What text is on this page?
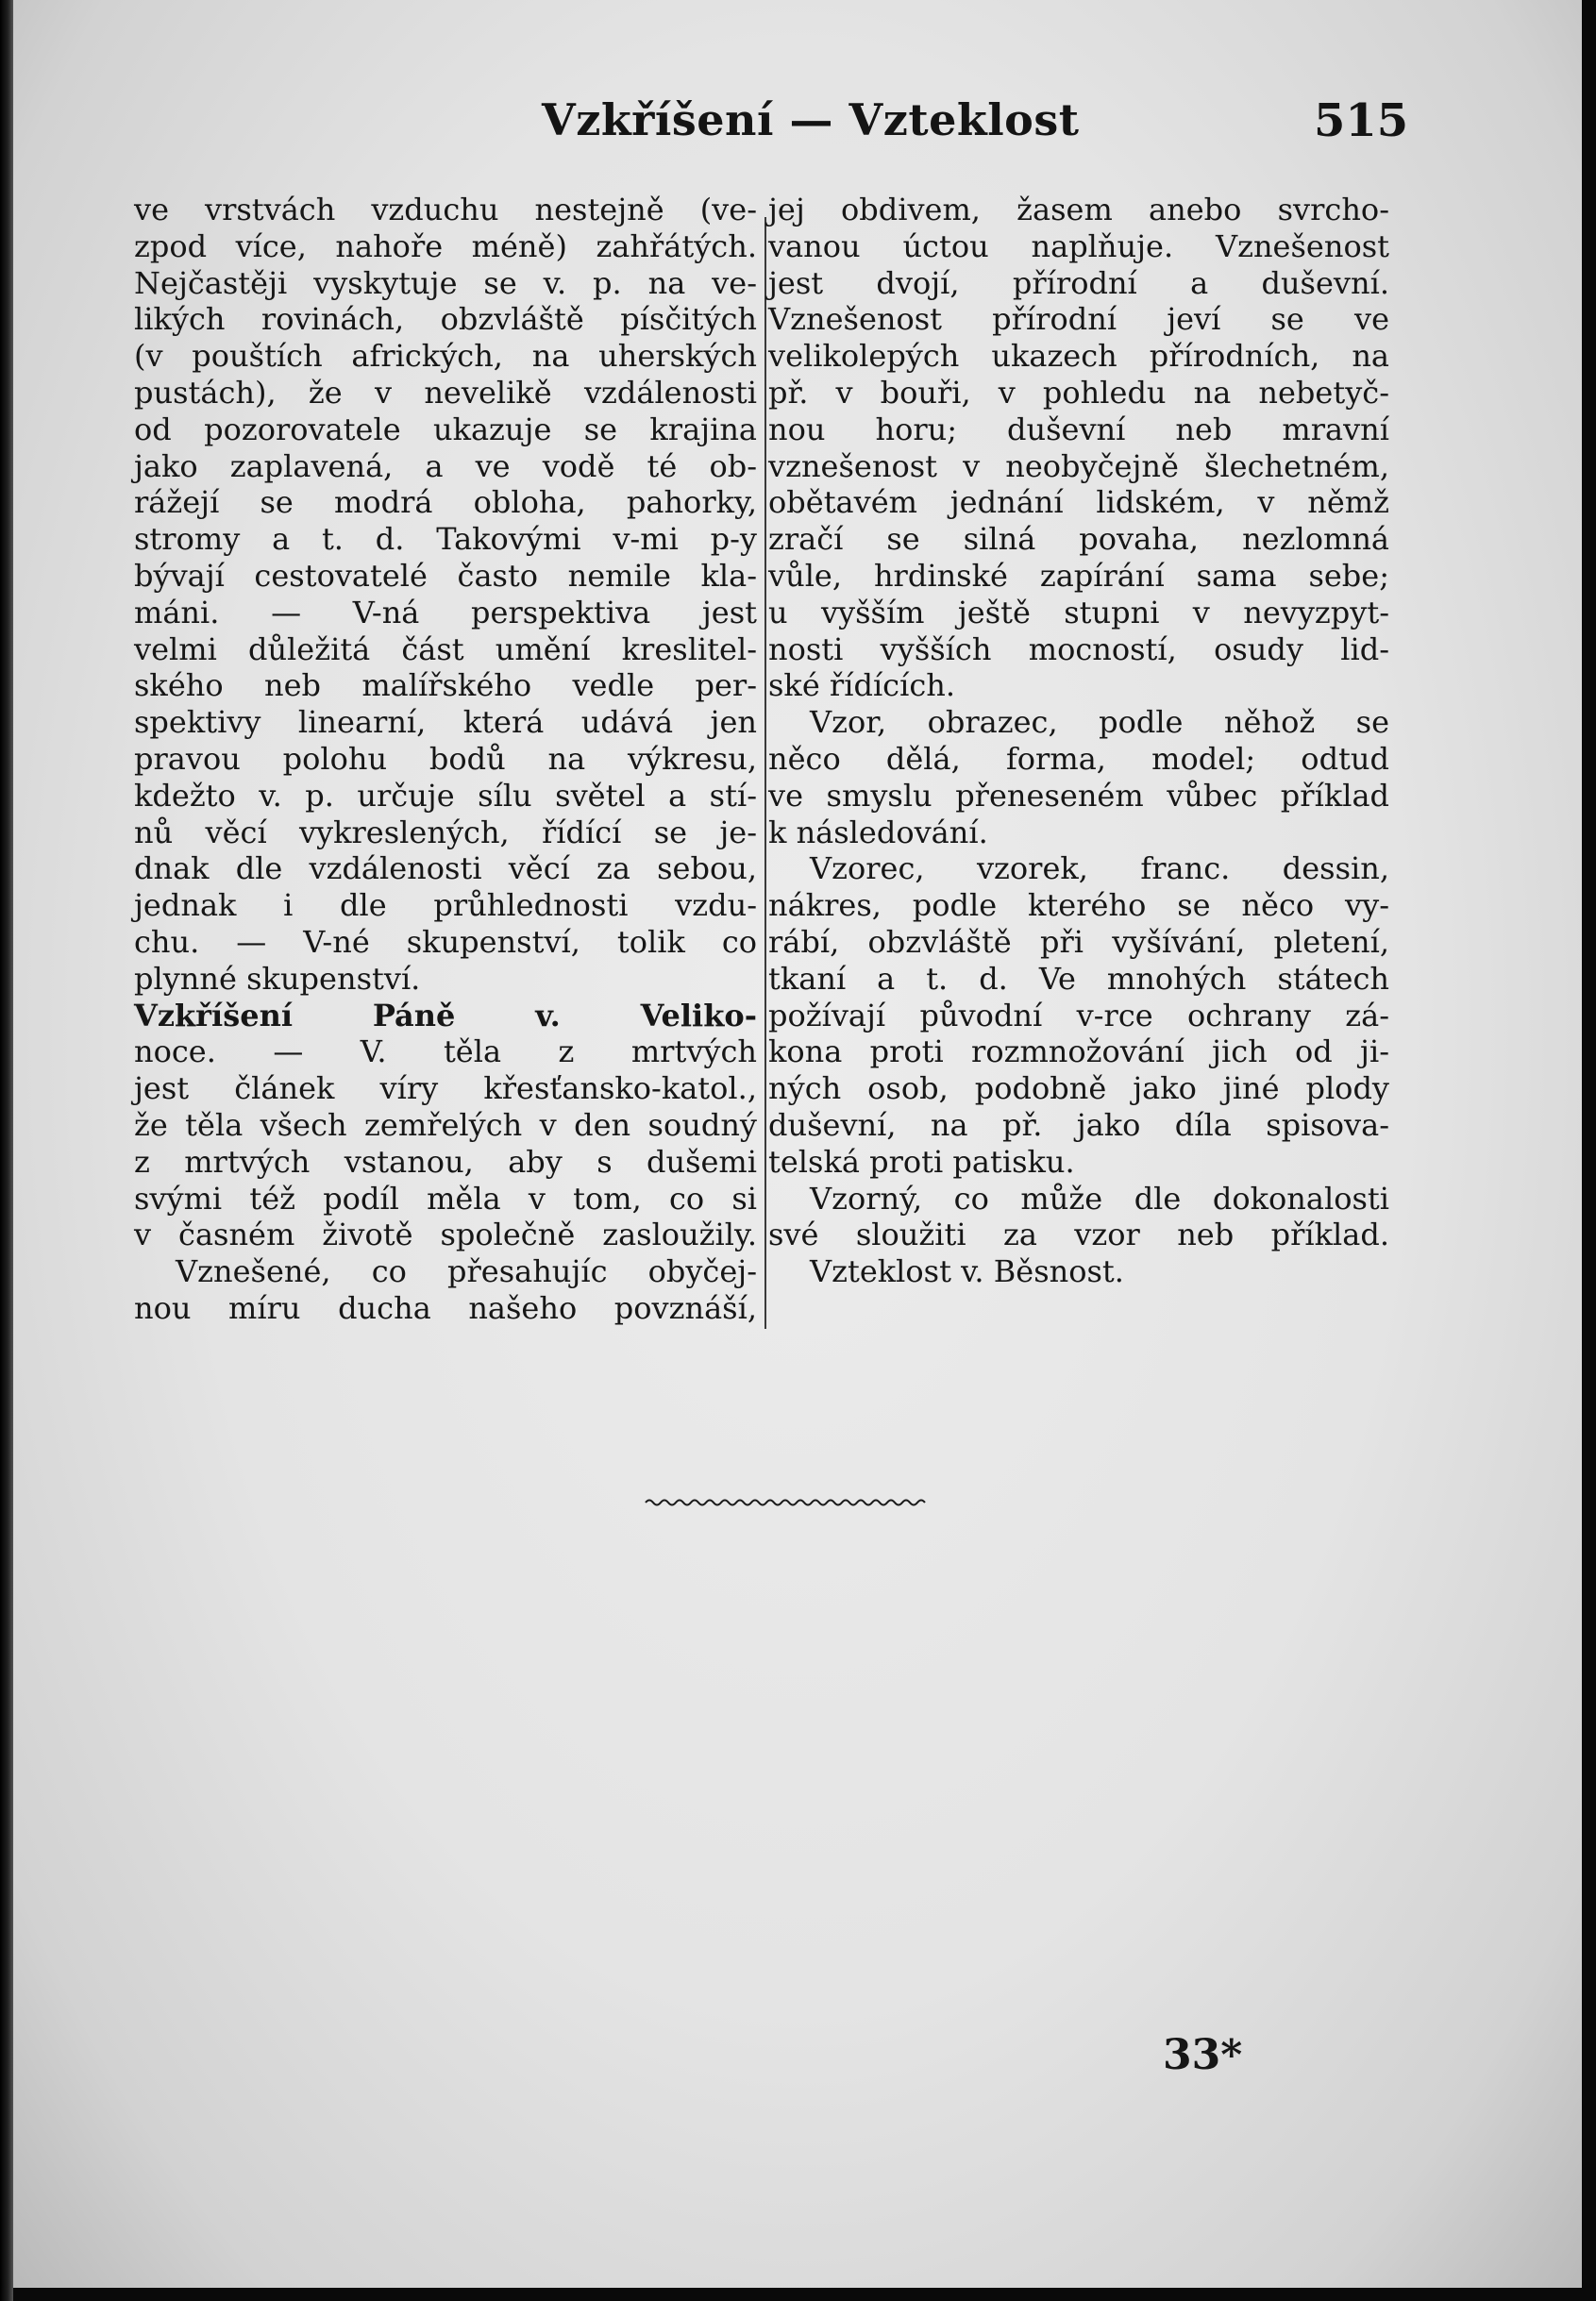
Vzkříšení — Vzteklost	515
ve vrstvách vzduchu nestejně (ve-
zpod více, nahoře méně) zahřátých.
Nejčastěji vyskytuje se v. p. na ve-
likých rovinách, obzvláště písčitých
(v pouštích afrických, na uherských
pustách), že v nevelikě vzdálenosti
od pozorovatele ukazuje se krajina
jako zaplavená, a ve vodě té ob-
rážejí se modrá obloha, pahorky,
stromy a t. d. Takovými v-mi p-y
bývají cestovatelé často nemile kla-
máni. — V-ná perspektiva jest
velmi důležitá část umění kreslitel-
ského neb malířského vedle per-
spektivy linearní, která udává jen
pravou polohu bodů na výkresu,
kdežto v. p. určuje sílu světel a stí-
nů věcí vykreslených, řídící se je-
dnak dle vzdálenosti věcí za sebou,
jednak i dle průhlednosti vzdu-
chu. — V-né skupenství, tolik co
plynné skupenství.
Vzkříšení Páně v. Veliko-
noce. — V. těla z mrtvých
jest článek víry křesťansko-katol.,
že těla všech zemřelých v den soudný
z mrtvých vstanou, aby s dušemi
svými též podíl měla v tom, co si
v časném životě společně zasloužily.
Vznešené, co přesahujíc obyčej-
nou míru ducha našeho povznáší,
jej obdivem, žasem anebo svrcho-
vanou úctou naplňuje. Vznešenost
jest dvojí, přírodní a duševní.
Vznešenost přírodní jeví se ve
velikolepých ukazech přírodních, na
př. v bouři, v pohledu na nebetyč-
nou horu; duševní neb mravní
vznešenost v neobyčejně šlechetném,
obětavém jednání lidském, v němž
zračí se silná povaha, nezlomná
vůle, hrdinské zapírání sama sebe;
u vyšším ještě stupni v nevyzpyt-
nosti vyšších mocností, osudy lid-
ské řídících.
Vzor, obrazec, podle něhož se
něco dělá, forma, model; odtud
ve smyslu přeneseném vůbec příklad
k následování.
Vzorec, vzorek, franc. dessin,
nákres, podle kterého se něco vy-
rábí, obzvláště při vyšívání, pletení,
tkaní a t. d. Ve mnohých státech
požívají původní v-rce ochrany zá-
kona proti rozmnožování jich od ji-
ných osob, podobně jako jiné plody
duševní, na př. jako díla spisova-
telská proti patisku.
Vzorný, co může dle dokonalosti
své sloužiti za vzor neb příklad.
Vzteklost v. Běsnost.
33*
